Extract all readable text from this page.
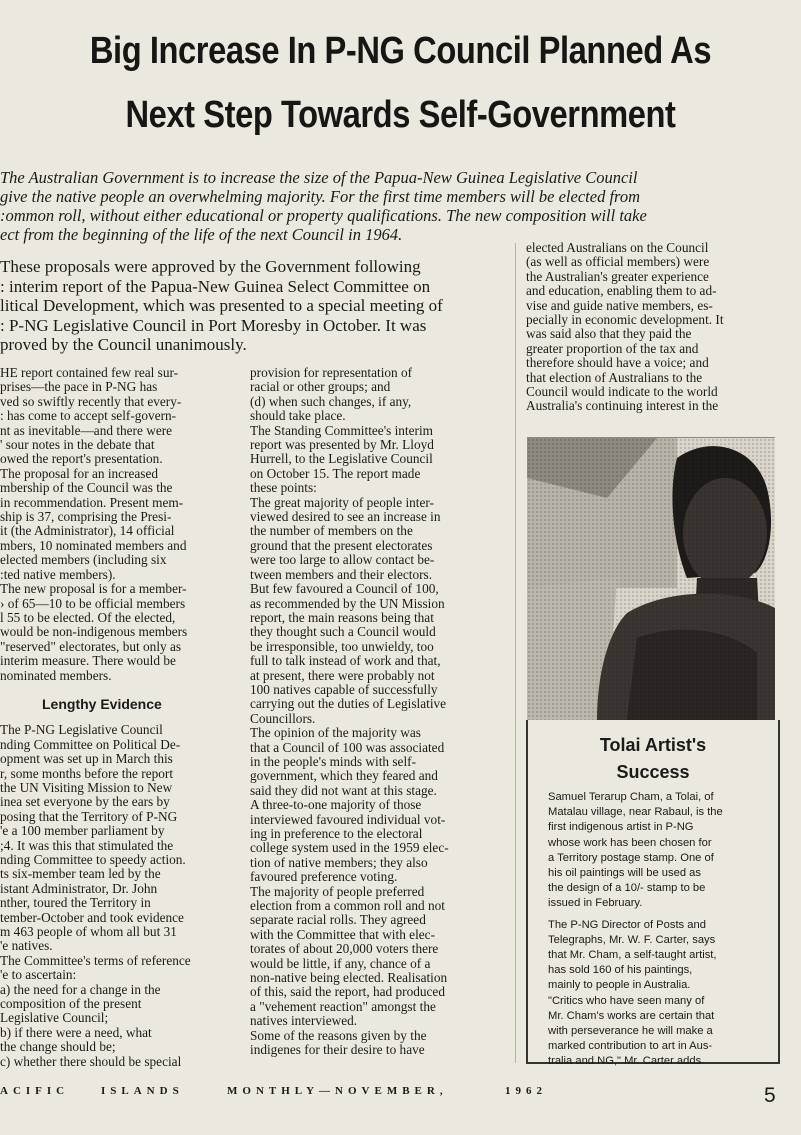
Big Increase In P-NG Council Planned As
Next Step Towards Self-Government

The Australian Government is to increase the size of the Papua-New Guinea Legislative Council

give the native people an overwhelming majority. For the first time members will be elected from

:ommon roll, without either educational or property qualifications. The new composition will take

ect from the beginning of the life of the next Council in 1964.

These proposals were approved by the Government following

: interim report of the Papua-New Guinea Select Committee on

litical Development, which was presented to a special meeting of

: P-NG Legislative Council in Port Moresby in October. It was

proved by the Council unanimously.

HE report contained few real sur-

prises—the pace in P-NG has

ved so swiftly recently that every-

: has come to accept self-govern-

nt as inevitable—and there were

' sour notes in the debate that

owed the report's presentation.

The proposal for an increased

mbership of the Council was the

in recommendation. Present mem-

ship is 37, comprising the Presi-

it (the Administrator), 14 official

mbers, 10 nominated members and

elected members (including six

:ted native members).

The new proposal is for a member-

› of 65—10 to be official members

l 55 to be elected. Of the elected,

would be non-indigenous members

"reserved" electorates, but only as

interim measure. There would be

nominated members.

Lengthy Evidence

The P-NG Legislative Council

nding Committee on Political De-

opment was set up in March this

r, some months before the report

the UN Visiting Mission to New

inea set everyone by the ears by

posing that the Territory of P-NG

'e a 100 member parliament by

;4. It was this that stimulated the

nding Committee to speedy action.

ts six-member team led by the

istant Administrator, Dr. John

nther, toured the Territory in

tember-October and took evidence

m 463 people of whom all but 31

'e natives.

The Committee's terms of reference

'e to ascertain:

a) the need for a change in the

composition of the present

Legislative Council;

b) if there were a need, what

the change should be;

c) whether there should be special

provision for representation of

racial or other groups; and

(d) when such changes, if any,

should take place.

The Standing Committee's interim

report was presented by Mr. Lloyd

Hurrell, to the Legislative Council

on October 15. The report made

these points:

The great majority of people inter-

viewed desired to see an increase in

the number of members on the

ground that the present electorates

were too large to allow contact be-

tween members and their electors.

But few favoured a Council of 100,

as recommended by the UN Mission

report, the main reasons being that

they thought such a Council would

be irresponsible, too unwieldy, too

full to talk instead of work and that,

at present, there were probably not

100 natives capable of successfully

carrying out the duties of Legislative

Councillors.

The opinion of the majority was

that a Council of 100 was associated

in the people's minds with self-

government, which they feared and

said they did not want at this stage.

A three-to-one majority of those

interviewed favoured individual vot-

ing in preference to the electoral

college system used in the 1959 elec-

tion of native members; they also

favoured preference voting.

The majority of people preferred

election from a common roll and not

separate racial rolls. They agreed

with the Committee that with elec-

torates of about 20,000 voters there

would be little, if any, chance of a

non-native being elected. Realisation

of this, said the report, had produced

a "vehement reaction" amongst the

natives interviewed.

Some of the reasons given by the

indigenes for their desire to have

elected Australians on the Council

(as well as official members) were

the Australian's greater experience

and education, enabling them to ad-

vise and guide native members, es-

pecially in economic development. It

was said also that they paid the

greater proportion of the tax and

therefore should have a voice; and

that election of Australians to the

Council would indicate to the world

Australia's continuing interest in the

Tolai Artist's
Success

Samuel Terarup Cham, a Tolai, of

Matalau village, near Rabaul, is the

first indigenous artist in P-NG

whose work has been chosen for

a Territory postage stamp. One of

his oil paintings will be used as

the design of a 10/- stamp to be

issued in February.

The P-NG Director of Posts and

Telegraphs, Mr. W. F. Carter, says

that Mr. Cham, a self-taught artist,

has sold 160 of his paintings,

mainly to people in Australia.

"Critics who have seen many of

Mr. Cham's works are certain that

with perseverance he will make a

marked contribution to art in Aus-

tralia and NG," Mr. Carter adds.

ACIFIC	ISLANDS	MONTHLY—NOVEMBER,	1962	5
